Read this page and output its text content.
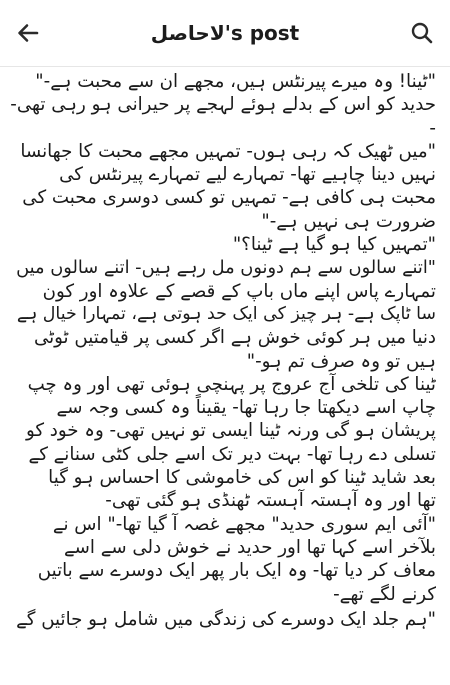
لاحاصل's post
"ٹینا! وہ میرے پیرنٹس ہیں، مجھے ان سے محبت ہے-"
حدید کو اس کے بدلے ہوئے لہجے پر حیرانی ہو رہی تھی-
-
"میں ٹھیک کہ رہی ہوں- تمہیں مجھے محبت کا جھانسا
نہیں دینا چاہیے تھا- تمہارے لیے تمہارے پیرنٹس کی
محبت ہی کافی ہے- تمہیں تو کسی دوسری محبت کی
ضرورت ہی نہیں ہے-"
"تمہیں کیا ہو گیا ہے ٹینا؟"
"اتنے سالوں سے ہم دونوں مل رہے ہیں- اتنے سالوں میں
تمہارے پاس اپنے ماں باپ کے قصے کے علاوہ اور کون
سا ٹاپک ہے- ہر چیز کی ایک حد ہوتی ہے، تمہارا خیال ہے
دنیا میں ہر کوئی خوش ہے اگر کسی پر قیامتیں ٹوٹی
ہیں تو وہ صرف تم ہو-"
ٹینا کی تلخی آج عروج پر پہنچی ہوئی تھی اور وہ چپ
چاپ اسے دیکھتا جا رہا تھا- یقیناً وہ کسی وجہ سے
پریشان ہو گی ورنہ ٹینا ایسی تو نہیں تھی- وہ خود کو
تسلی دے رہا تھا- بہت دیر تک اسے جلی کٹی سنانے کے
بعد شاید ٹینا کو اس کی خاموشی کا احساس ہو گیا
تھا اور وہ آہستہ آہستہ ٹھنڈی ہو گئی تھی-
"آئی ایم سوری حدید" مجھے غصہ آ گیا تھا-" اس نے
بلآخر اسے کہا تھا اور حدید نے خوش دلی سے اسے
معاف کر دیا تھا- وہ ایک بار پھر ایک دوسرے سے باتیں
کرنے لگے تھے-
"ہم جلد ایک دوسرے کی زندگی میں شامل ہو جائیں گے
